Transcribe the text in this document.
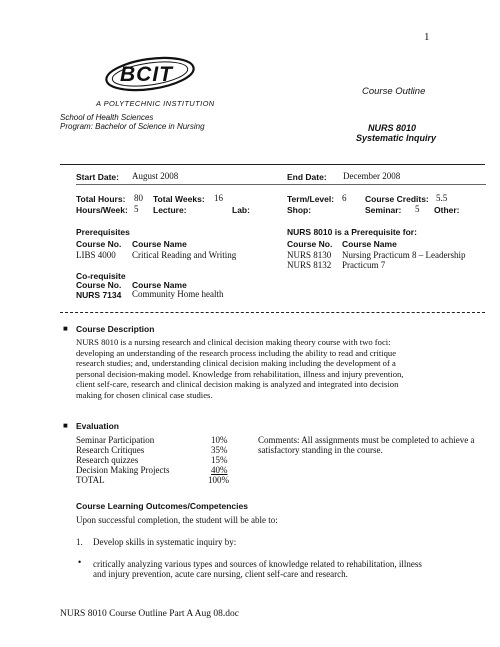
1
BCIT
A POLYTECHNIC INSTITUTION
School of Health Sciences
Program: Bachelor of Science in Nursing
Course Outline
NURS 8010
Systematic Inquiry
Start Date: August 2008	End Date: December 2008
Total Hours: 80 Total Weeks: 16	Term/Level: 6 Course Credits: 5.5
Hours/Week: 5 Lecture:	Lab:	Shop:	Seminar: 5 Other:
Prerequisites
Course No. Course Name
LIBS 4000 Critical Reading and Writing
NURS 8010 is a Prerequisite for:
Course No. Course Name
NURS 8130 Nursing Practicum 8 – Leadership
NURS 8132 Practicum 7
Co-requisite
Course No. Course Name
NURS 7134 Community Home health
■ Course Description
NURS 8010 is a nursing research and clinical decision making theory course with two foci:
developing an understanding of the research process including the ability to read and critique
research studies; and, understanding clinical decision making including the development of a
personal decision-making model. Knowledge from rehabilitation, illness and injury prevention,
client self-care, research and clinical decision making is analyzed and integrated into decision
making for chosen clinical case studies.
■ Evaluation
Seminar Participation	10%
Research Critiques	35%
Research quizzes	15%
Decision Making Projects	40%
TOTAL	100%
Comments: All assignments must be completed to achieve a
satisfactory standing in the course.
Course Learning Outcomes/Competencies
Upon successful completion, the student will be able to:
1. Develop skills in systematic inquiry by:
• critically analyzing various types and sources of knowledge related to rehabilitation, illness
and injury prevention, acute care nursing, client self-care and research.
NURS 8010 Course Outline Part A Aug 08.doc
